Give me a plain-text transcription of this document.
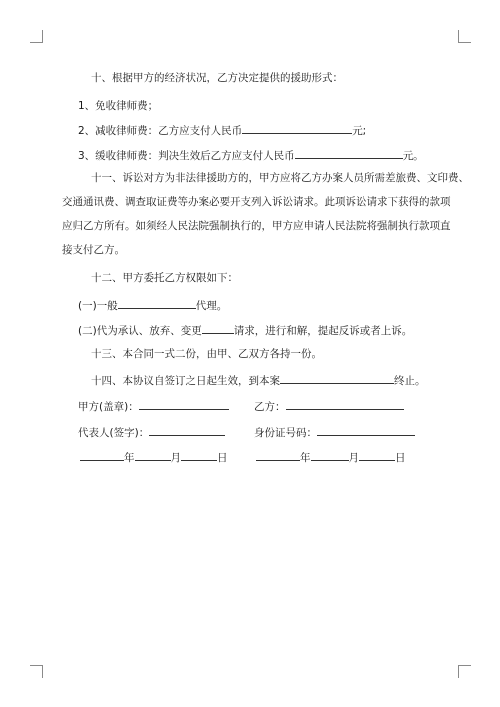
十、根据甲方的经济状况，乙方决定提供的援助形式：
1、免收律师费；
2、减收律师费：乙方应支付人民币	元;
3、缓收律师费：判决生效后乙方应支付人民币	元。
十一、诉讼对方为非法律援助方的，甲方应将乙方办案人员所需差旅费、文印费、
交通通讯费、调查取证费等办案必要开支列入诉讼请求。此项诉讼请求下获得的款项
应归乙方所有。如须经人民法院强制执行的，甲方应申请人民法院将强制执行款项直
接支付乙方。
十二、甲方委托乙方权限如下：
(一)一般	代理。
(二)代为承认、放弃、变更	请求，进行和解，提起反诉或者上诉。
十三、本合同一式二份，由甲、乙双方各持一份。
十四、本协议自签订之日起生效，到本案	终止。
甲方(盖章)：	乙方：
代表人(签字)：	身份证号码：
年	月	日	年	月	日
